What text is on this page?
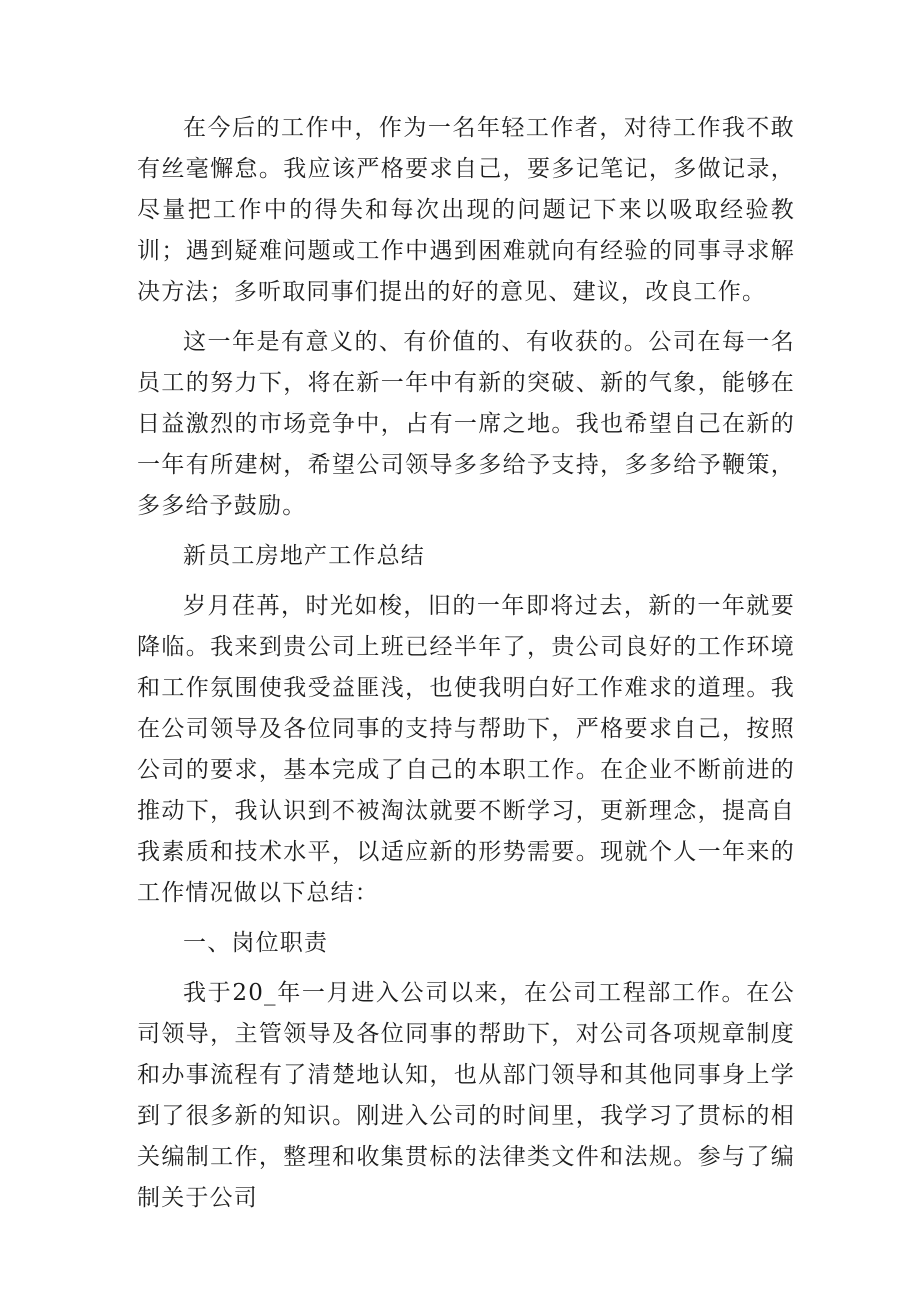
在今后的工作中，作为一名年轻工作者，对待工作我不敢有丝毫懈怠。我应该严格要求自己，要多记笔记，多做记录，尽量把工作中的得失和每次出现的问题记下来以吸取经验教训；遇到疑难问题或工作中遇到困难就向有经验的同事寻求解决方法；多听取同事们提出的好的意见、建议，改良工作。

这一年是有意义的、有价值的、有收获的。公司在每一名员工的努力下，将在新一年中有新的突破、新的气象，能够在日益激烈的市场竞争中，占有一席之地。我也希望自己在新的一年有所建树，希望公司领导多多给予支持，多多给予鞭策，多多给予鼓励。

新员工房地产工作总结

岁月荏苒，时光如梭，旧的一年即将过去，新的一年就要降临。我来到贵公司上班已经半年了，贵公司良好的工作环境和工作氛围使我受益匪浅，也使我明白好工作难求的道理。我在公司领导及各位同事的支持与帮助下，严格要求自己，按照公司的要求，基本完成了自己的本职工作。在企业不断前进的推动下，我认识到不被淘汰就要不断学习，更新理念，提高自我素质和技术水平，以适应新的形势需要。现就个人一年来的工作情况做以下总结：

一、岗位职责

我于20_年一月进入公司以来，在公司工程部工作。在公司领导，主管领导及各位同事的帮助下，对公司各项规章制度和办事流程有了清楚地认知，也从部门领导和其他同事身上学到了很多新的知识。刚进入公司的时间里，我学习了贯标的相关编制工作，整理和收集贯标的法律类文件和法规。参与了编制关于公司
